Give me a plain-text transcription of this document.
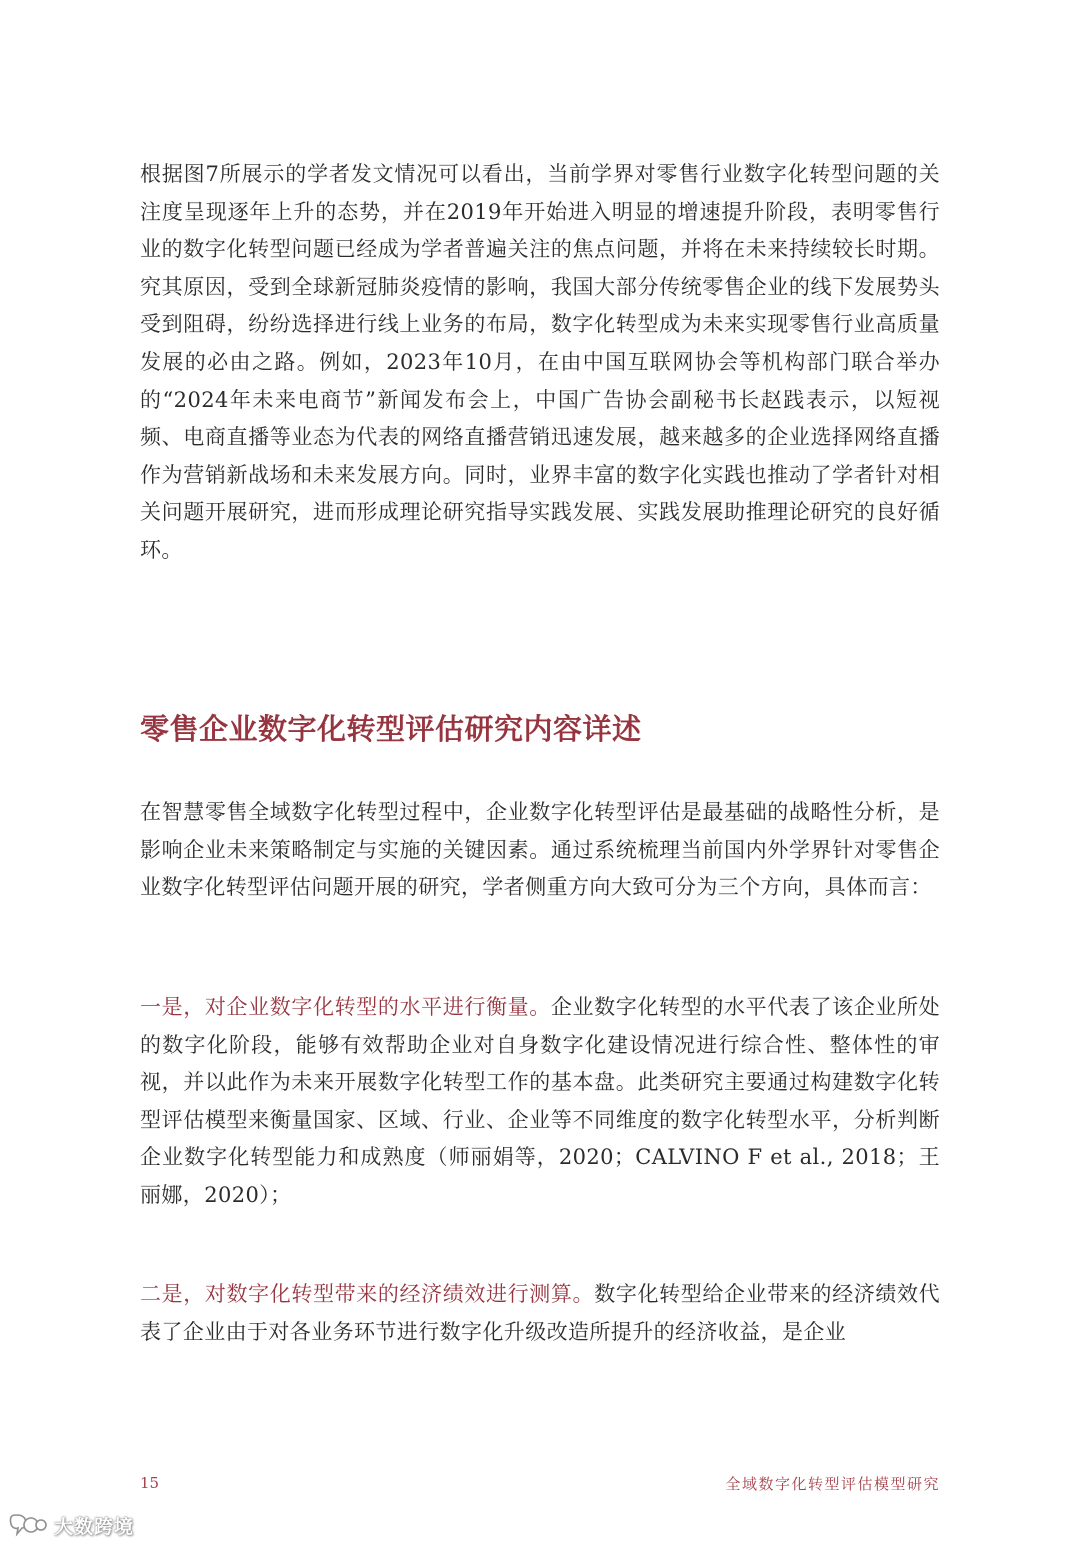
根据图7所展示的学者发文情况可以看出，当前学界对零售行业数字化转型问题的关注度呈现逐年上升的态势，并在2019年开始进入明显的增速提升阶段，表明零售行业的数字化转型问题已经成为学者普遍关注的焦点问题，并将在未来持续较长时期。究其原因，受到全球新冠肺炎疫情的影响，我国大部分传统零售企业的线下发展势头受到阻碍，纷纷选择进行线上业务的布局，数字化转型成为未来实现零售行业高质量发展的必由之路。例如，2023年10月，在由中国互联网协会等机构部门联合举办的“2024年未来电商节”新闻发布会上，中国广告协会副秘书长赵践表示，以短视频、电商直播等业态为代表的网络直播营销迅速发展，越来越多的企业选择网络直播作为营销新战场和未来发展方向。同时，业界丰富的数字化实践也推动了学者针对相关问题开展研究，进而形成理论研究指导实践发展、实践发展助推理论研究的良好循环。

零售企业数字化转型评估研究内容详述

在智慧零售全域数字化转型过程中，企业数字化转型评估是最基础的战略性分析，是影响企业未来策略制定与实施的关键因素。通过系统梳理当前国内外学界针对零售企业数字化转型评估问题开展的研究，学者侧重方向大致可分为三个方向，具体而言：

一是，对企业数字化转型的水平进行衡量。企业数字化转型的水平代表了该企业所处的数字化阶段，能够有效帮助企业对自身数字化建设情况进行综合性、整体性的审视，并以此作为未来开展数字化转型工作的基本盘。此类研究主要通过构建数字化转型评估模型来衡量国家、区域、行业、企业等不同维度的数字化转型水平，分析判断企业数字化转型能力和成熟度（师丽娟等，2020；CALVINO F et al., 2018；王丽娜，2020）；

二是，对数字化转型带来的经济绩效进行测算。数字化转型给企业带来的经济绩效代表了企业由于对各业务环节进行数字化升级改造所提升的经济收益，是企业

15	全域数字化转型评估模型研究
大数跨境
